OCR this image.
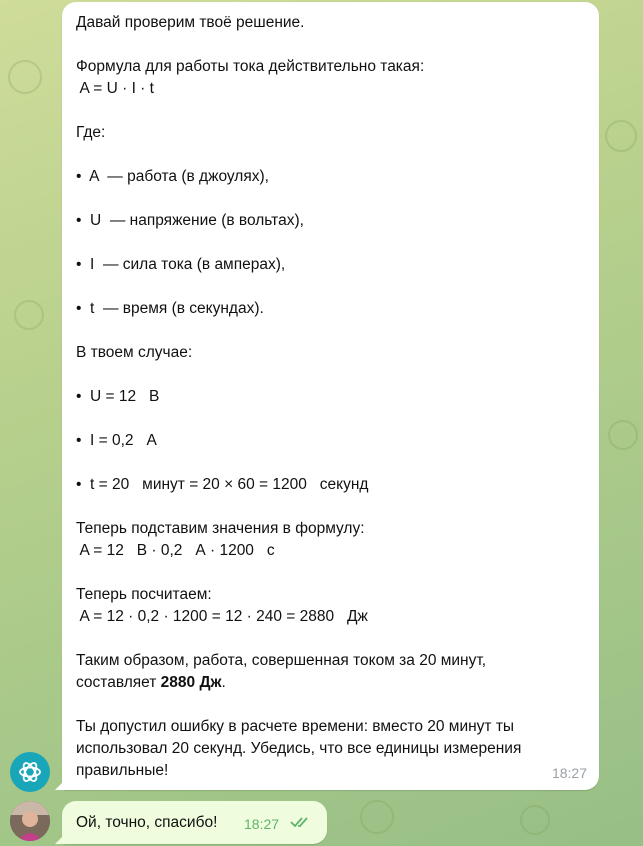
Давай проверим твоё решение.
Формула для работы тока действительно такая:
A = U · I · t
Где:
•  A  — работа (в джоулях),
•  U  — напряжение (в вольтах),
•  I  — сила тока (в амперах),
•  t  — время (в секундах).
В твоем случае:
•  U = 12   В
•  I = 0,2   А
•  t = 20   минут = 20 × 60 = 1200   секунд
Теперь подставим значения в формулу:
A = 12   В · 0,2   А · 1200   с
Теперь посчитаем:
A = 12 · 0,2 · 1200 = 12 · 240 = 2880   Дж
Таким образом, работа, совершенная током за 20 минут,
составляет 2880 Дж.
Ты допустил ошибку в расчете времени: вместо 20 минут ты
использовал 20 секунд. Убедись, что все единицы измерения
правильные!	18:27
Ой, точно, спасибо! 18:27
